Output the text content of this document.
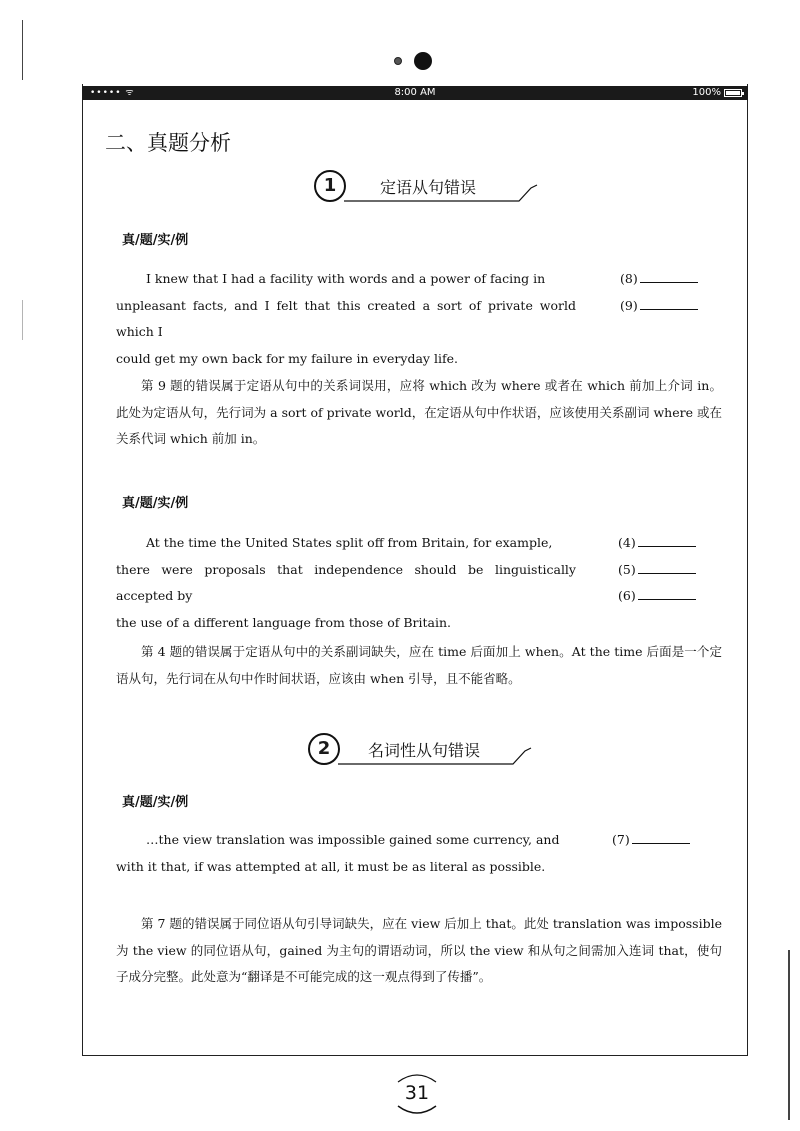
••••• ᯤ	8:00 AM	100%
二、真题分析
1	定语从句错误
真/题/实/例

I knew that I had a facility with words and a power of facing in

unpleasant facts, and I felt that this created a sort of private world which I

could get my own back for my failure in everyday life.

(8)
(9)
第 9 题的错误属于定语从句中的关系词误用，应将 which 改为 where 或者在 which 前加上介词 in。此处为定语从句，先行词为 a sort of private world，在定语从句中作状语，应该使用关系副词 where 或在关系代词 which 前加 in。
真/题/实/例

At the time the United States split off from Britain, for example,

there were proposals that independence should be linguistically accepted by

the use of a different language from those of Britain.

(4)
(5)
(6)
第 4 题的错误属于定语从句中的关系副词缺失，应在 time 后面加上 when。At the time 后面是一个定语从句，先行词在从句中作时间状语，应该由 when 引导，且不能省略。
2	名词性从句错误
真/题/实/例

…the view translation was impossible gained some currency, and

with it that, if was attempted at all, it must be as literal as possible.

(7)
第 7 题的错误属于同位语从句引导词缺失，应在 view 后加上 that。此处 translation was impossible 为 the view 的同位语从句，gained 为主句的谓语动词，所以 the view 和从句之间需加入连词 that，使句子成分完整。此处意为“翻译是不可能完成的这一观点得到了传播”。
31
